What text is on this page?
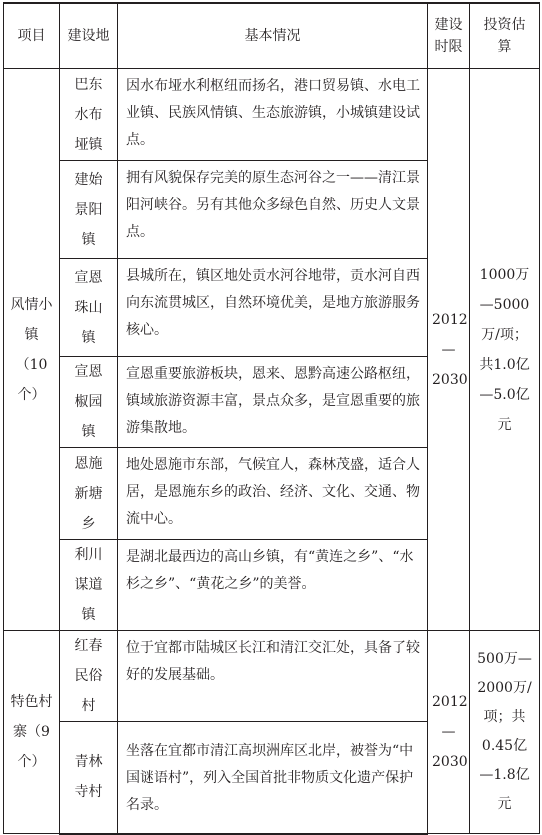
项目	建设地	基本情况	建设时限	投资估算
风情小镇（10个）	巴东水布垭镇	因水布垭水利枢纽而扬名，港口贸易镇、水电工业镇、民族风情镇、生态旅游镇，小城镇建设试点。	2012—2030	1000万—5000万/项；共1.0亿—5.0亿元
	建始景阳镇	拥有风貌保存完美的原生态河谷之一——清江景阳河峡谷。另有其他众多绿色自然、历史人文景点。		
	宣恩珠山镇	县城所在，镇区地处贡水河谷地带，贡水河自西向东流贯城区，自然环境优美，是地方旅游服务核心。		
	宣恩椒园镇	宣恩重要旅游板块，恩来、恩黔高速公路枢纽，镇域旅游资源丰富，景点众多，是宣恩重要的旅游集散地。		
	恩施新塘乡	地处恩施市东部，气候宜人，森林茂盛，适合人居，是恩施东乡的政治、经济、文化、交通、物流中心。		
	利川谋道镇	是湖北最西边的高山乡镇，有“黄连之乡”、“水杉之乡”、“黄花之乡”的美誉。		
特色村寨（9个）	红春民俗村	位于宜都市陆城区长江和清江交汇处，具备了较好的发展基础。	2012—2030	500万—2000万/项；共0.45亿—1.8亿元
	青林寺村	坐落在宜都市清江高坝洲库区北岸，被誉为“中国谜语村”，列入全国首批非物质文化遗产保护名录。		
